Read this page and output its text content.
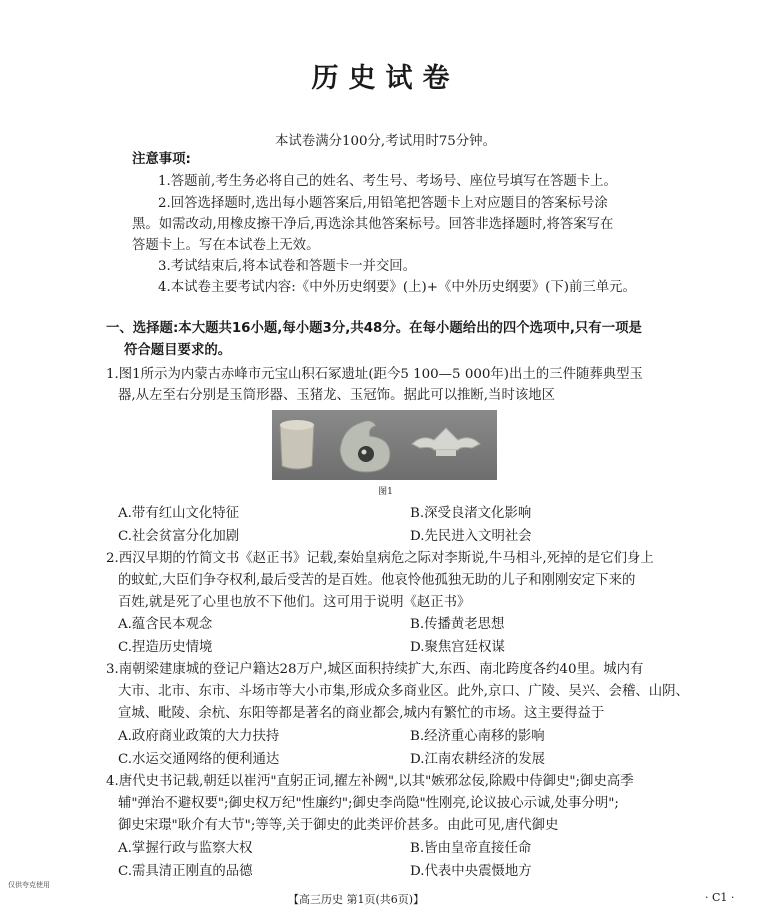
历史试卷
本试卷满分100分,考试用时75分钟。
注意事项:
1.答题前,考生务必将自己的姓名、考生号、考场号、座位号填写在答题卡上。
2.回答选择题时,选出每小题答案后,用铅笔把答题卡上对应题目的答案标号涂
黑。如需改动,用橡皮擦干净后,再选涂其他答案标号。回答非选择题时,将答案写在
答题卡上。写在本试卷上无效。
3.考试结束后,将本试卷和答题卡一并交回。
4.本试卷主要考试内容:《中外历史纲要》(上)+《中外历史纲要》(下)前三单元。
一、选择题:本大题共16小题,每小题3分,共48分。在每小题给出的四个选项中,只有一项是
符合题目要求的。
1.图1所示为内蒙古赤峰市元宝山积石冢遗址(距今5 100—5 000年)出土的三件随葬典型玉
器,从左至右分别是玉筒形器、玉猪龙、玉冠饰。据此可以推断,当时该地区
图1
A.带有红山文化特征	B.深受良渚文化影响
C.社会贫富分化加剧	D.先民进入文明社会
2.西汉早期的竹简文书《赵正书》记载,秦始皇病危之际对李斯说,牛马相斗,死掉的是它们身上
的蚊虻,大臣们争夺权利,最后受苦的是百姓。他哀怜他孤独无助的儿子和刚刚安定下来的
百姓,就是死了心里也放不下他们。这可用于说明《赵正书》
A.蕴含民本观念	B.传播黄老思想
C.捏造历史情境	D.聚焦宫廷权谋
3.南朝梁建康城的登记户籍达28万户,城区面积持续扩大,东西、南北跨度各约40里。城内有
大市、北市、东市、斗场市等大小市集,形成众多商业区。此外,京口、广陵、吴兴、会稽、山阴、
宣城、毗陵、余杭、东阳等都是著名的商业都会,城内有繁忙的市场。这主要得益于
A.政府商业政策的大力扶持	B.经济重心南移的影响
C.水运交通网络的便利通达	D.江南农耕经济的发展
4.唐代史书记载,朝廷以崔沔"直躬正词,擢左补阙",以其"嫉邪忿佞,除殿中侍御史";御史高季
辅"弹治不避权要";御史权万纪"性廉约";御史李尚隐"性刚亮,论议披心示诚,处事分明";
御史宋璟"耿介有大节";等等,关于御史的此类评价甚多。由此可见,唐代御史
A.掌握行政与监察大权	B.皆由皇帝直接任命
C.需具清正刚直的品德	D.代表中央震慑地方
【高三历史 第1页(共6页)】	· C1 ·
仅供夸克使用
